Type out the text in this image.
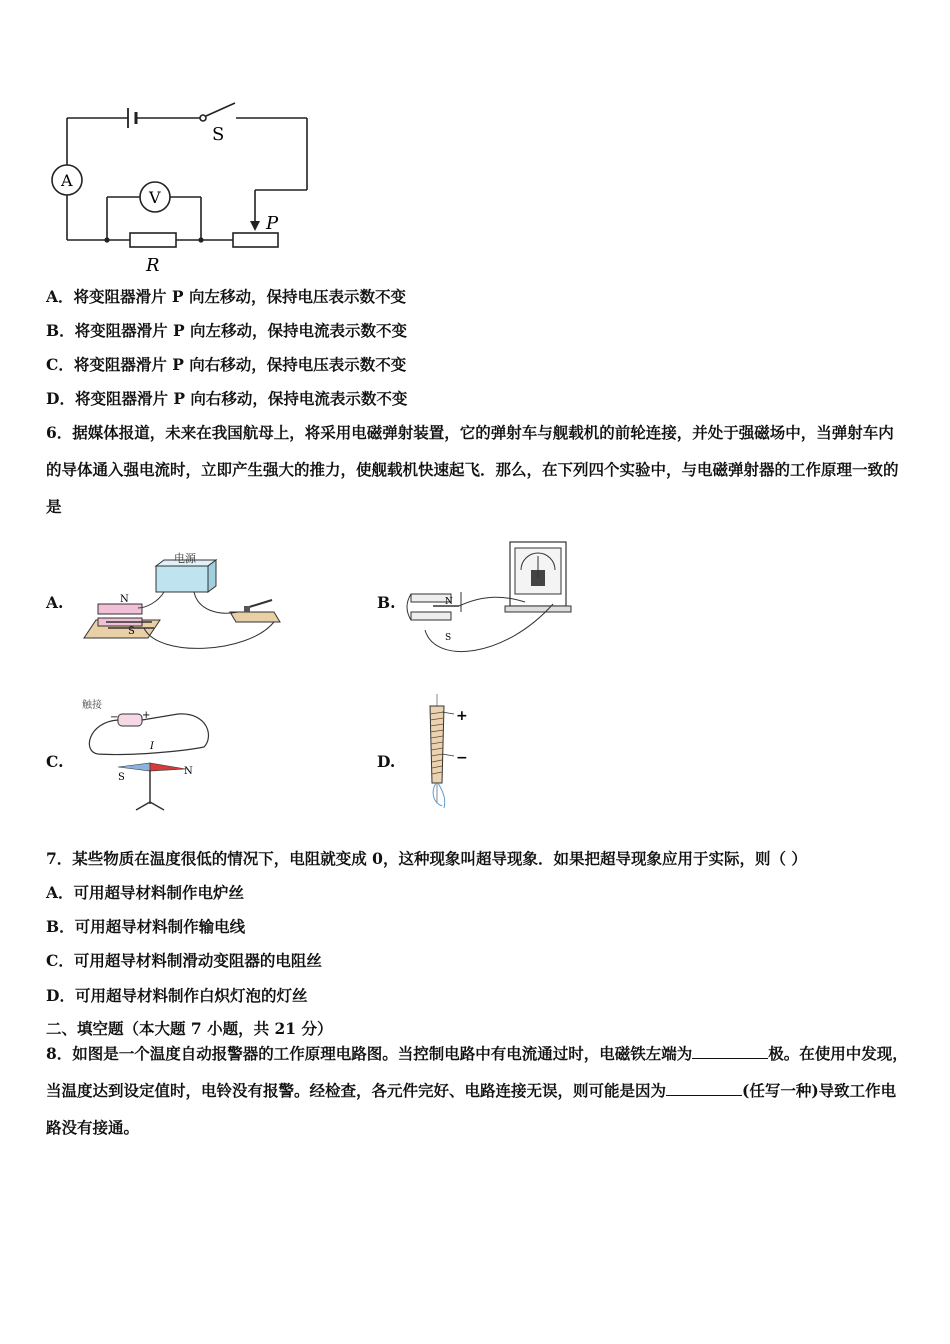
S
A
V
R
P
A．将变阻器滑片 P 向左移动，保持电压表示数不变
B．将变阻器滑片 P 向左移动，保持电流表示数不变
C．将变阻器滑片 P 向右移动，保持电压表示数不变
D．将变阻器滑片 P 向右移动，保持电流表示数不变
6．据媒体报道，未来在我国航母上，将采用电磁弹射装置，它的弹射车与舰载机的前轮连接，并处于强磁场中，当弹射车内的导体通入强电流时，立即产生强大的推力，使舰载机快速起飞．那么，在下列四个实验中，与电磁弹射器的工作原理一致的是
A.	B.
C.	D.
电源
N
S
N
S
触接
− +
I
S
N
+
−
7．某些物质在温度很低的情况下，电阻就变成 0，这种现象叫超导现象．如果把超导现象应用于实际，则（ ）
A．可用超导材料制作电炉丝
B．可用超导材料制作输电线
C．可用超导材料制滑动变阻器的电阻丝
D．可用超导材料制作白炽灯泡的灯丝
二、填空题（本大题 7 小题，共 21 分）
8．如图是一个温度自动报警器的工作原理电路图。当控制电路中有电流通过时，电磁铁左端为	极。在使用中发现，当温度达到设定值时，电铃没有报警。经检查，各元件完好、电路连接无误，则可能是因为	(任写一种)导致工作电路没有接通。
